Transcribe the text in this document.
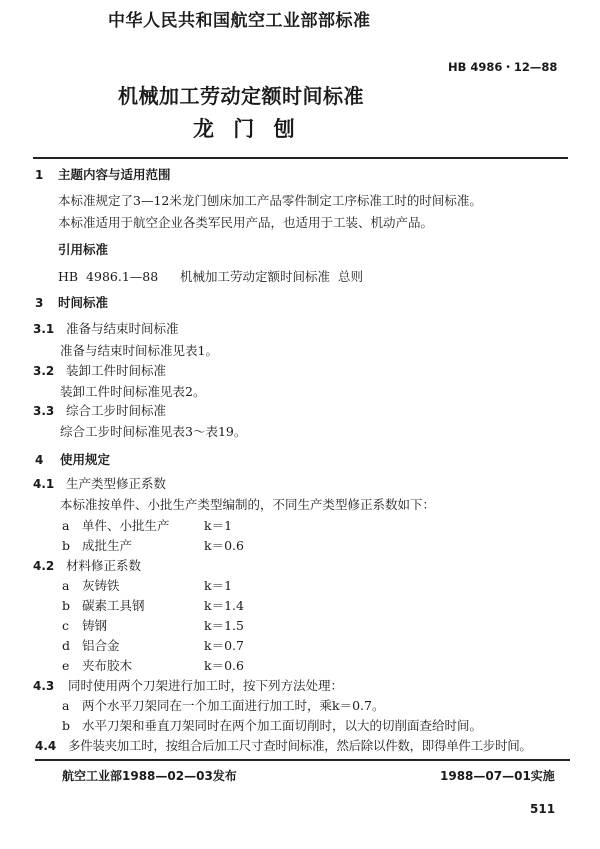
中华人民共和国航空工业部部标准
HB 4986・12—88
机械加工劳动定额时间标准
龙 门 刨
1 主题内容与适用范围
本标准规定了3—12米龙门刨床加工产品零件制定工序标准工时的时间标准。
本标准适用于航空企业各类军民用产品，也适用于工装、机动产品。
引用标准
HB  4986.1—88 机械加工劳动定额时间标准  总则
3 时间标准
3.1 准备与结束时间标准
准备与结束时间标准见表1。
3.2 装卸工件时间标准
装卸工件时间标准见表2。
3.3 综合工步时间标准
综合工步时间标准见表3～表19。
4 使用规定
4.1 生产类型修正系数
本标准按单件、小批生产类型编制的，不同生产类型修正系数如下：
a 单件、小批生产	k＝1
b 成批生产	k＝0.6
4.2 材料修正系数
a 灰铸铁	k＝1
b 碳素工具钢	k＝1.4
c 铸钢	k＝1.5
d 铝合金	k＝0.7
e 夹布胶木	k＝0.6
4.3 同时使用两个刀架进行加工时，按下列方法处理：
a 两个水平刀架同在一个加工面进行加工时，乘k＝0.7。
b 水平刀架和垂直刀架同时在两个加工面切削时，以大的切削面查给时间。
4.4 多件装夹加工时，按组合后加工尺寸查时间标准，然后除以件数，即得单件工步时间。
航空工业部1988—02—03发布	1988—07—01实施
511
